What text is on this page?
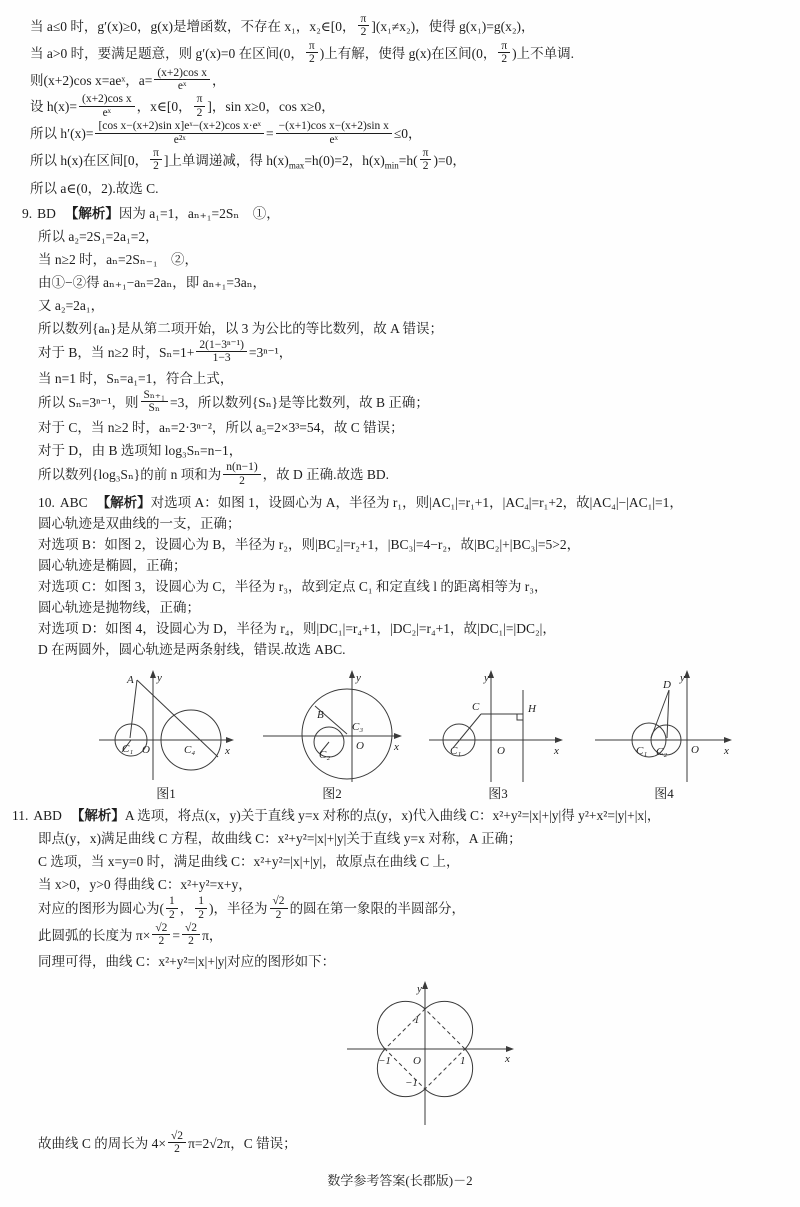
当 a≤0 时，g′(x)≥0，g(x)是增函数，不存在 x₁，x₂∈[0， $\frac{\pi}{2} ](x_1\ne x_2)$，使得 g(x₁)=g(x₂)，
当 a>0 时，要满足题意，则 g′(x)=0 在区间(0， $\frac{\pi}{2}$ )上有解，使得 g(x)在区间(0， $\frac{\pi}{2}$ )上不单调.
则(x+2)cos x=aeˣ，$a= \frac{\text{(x+2)cos x}}{\text{eˣ}}$ ，
设 $h(x)= \frac{\text{(x+2)cos x}}{\text{eˣ}}$ ，x∈[0， $\frac{\pi}{2}$ ]，sin x≥0，cos x≥0，
所以 $h'(x)= \frac{\text{[cos x−(x+2)sin x]eˣ−(x+2)cos x·eˣ}}{\text{e²ˣ}} = \frac{\text{−(x+1)cos x−(x+2)sin x}}{\text{eˣ}} \le 0$，
所以 h(x)在区间[0， $\frac{\pi}{2}$ ]上单调递减，得 $h(x)_{max}=h(0)=2$，$h(x)_{min}=h( \frac{\pi}{2} )=0$，
所以 a∈(0，2).故选 C.
9. BD 【解析】因为 a₁=1，aₙ₊₁=2Sₙ　①，
所以 a₂=2S₁=2a₁=2，
当 n≥2 时，aₙ=2Sₙ₋₁　②，
由①−②得 aₙ₊₁−aₙ=2aₙ，即 aₙ₊₁=3aₙ，
又 a₂=2a₁，
所以数列{aₙ}是从第二项开始，以 3 为公比的等比数列，故 A 错误；
对于 B，当 n≥2 时，$S_n=1+ \frac{\text{2(1−3ⁿ⁻¹)}}{1-3} =3^{n-1}$，
当 n=1 时，Sₙ=a₁=1，符合上式，
所以 Sₙ=3ⁿ⁻¹，则 $\frac{\text{Sₙ₊₁}}{\text{Sₙ}} =3$，所以数列{Sₙ}是等比数列，故 B 正确；
对于 C，当 n≥2 时，aₙ=2·3ⁿ⁻²，所以 a₅=2×3³=54，故 C 错误；
对于 D，由 B 选项知 log₃Sₙ=n−1，
所以数列{log₃Sₙ}的前 n 项和为 $\frac{n(n-1)}{2}$ ，故 D 正确.故选 BD.
10. ABC 【解析】对选项 A：如图 1，设圆心为 A，半径为 r₁，则|AC₁|=r₁+1，|AC₄|=r₁+2，故|AC₄|−|AC₁|=1，
圆心轨迹是双曲线的一支，正确；
对选项 B：如图 2，设圆心为 B，半径为 r₂，则|BC₂|=r₂+1，|BC₃|=4−r₂，故|BC₂|+|BC₃|=5>2，
圆心轨迹是椭圆，正确；
对选项 C：如图 3，设圆心为 C，半径为 r₃，故到定点 C₁ 和定直线 l 的距离相等为 r₃，
圆心轨迹是抛物线，正确；
对选项 D：如图 4，设圆心为 D，半径为 r₄，则|DC₁|=r₄+1，|DC₂|=r₄+1，故|DC₁|=|DC₂|，
D 在两圆外，圆心轨迹是两条射线，错误.故选 ABC.
A y
O
C₁	C₄	x
图1
y
B
C₃
C₂
O	x
图2
y
C	H
C₁	O	x
图3
y
D
C₁ C₂ O x
图4
11. ABD 【解析】A 选项，将点(x，y)关于直线 y=x 对称的点(y，x)代入曲线 C：x²+y²=|x|+|y|得 y²+x²=|y|+|x|，
即点(y，x)满足曲线 C 方程，故曲线 C：x²+y²=|x|+|y|关于直线 y=x 对称，A 正确；
C 选项，当 x=y=0 时，满足曲线 C：x²+y²=|x|+|y|，故原点在曲线 C 上，
当 x>0，y>0 得曲线 C：x²+y²=x+y，
对应的图形为圆心为( $\frac{1}{2}$ ， $\frac{1}{2}$ )，半径为 $\frac{√2}{2}$ 的圆在第一象限的半圆部分，
此圆弧的长度为 $\pi\times \frac{√2}{2} = \frac{√2}{2}$ π，
同理可得，曲线 C：x²+y²=|x|+|y|对应的图形如下：
1
−1 O	1
−1
x
y
故曲线 C 的周长为 $4\times \frac{√2}{2} \pi=2√2\pi$，C 错误；
数学参考答案(长郡版)－2
